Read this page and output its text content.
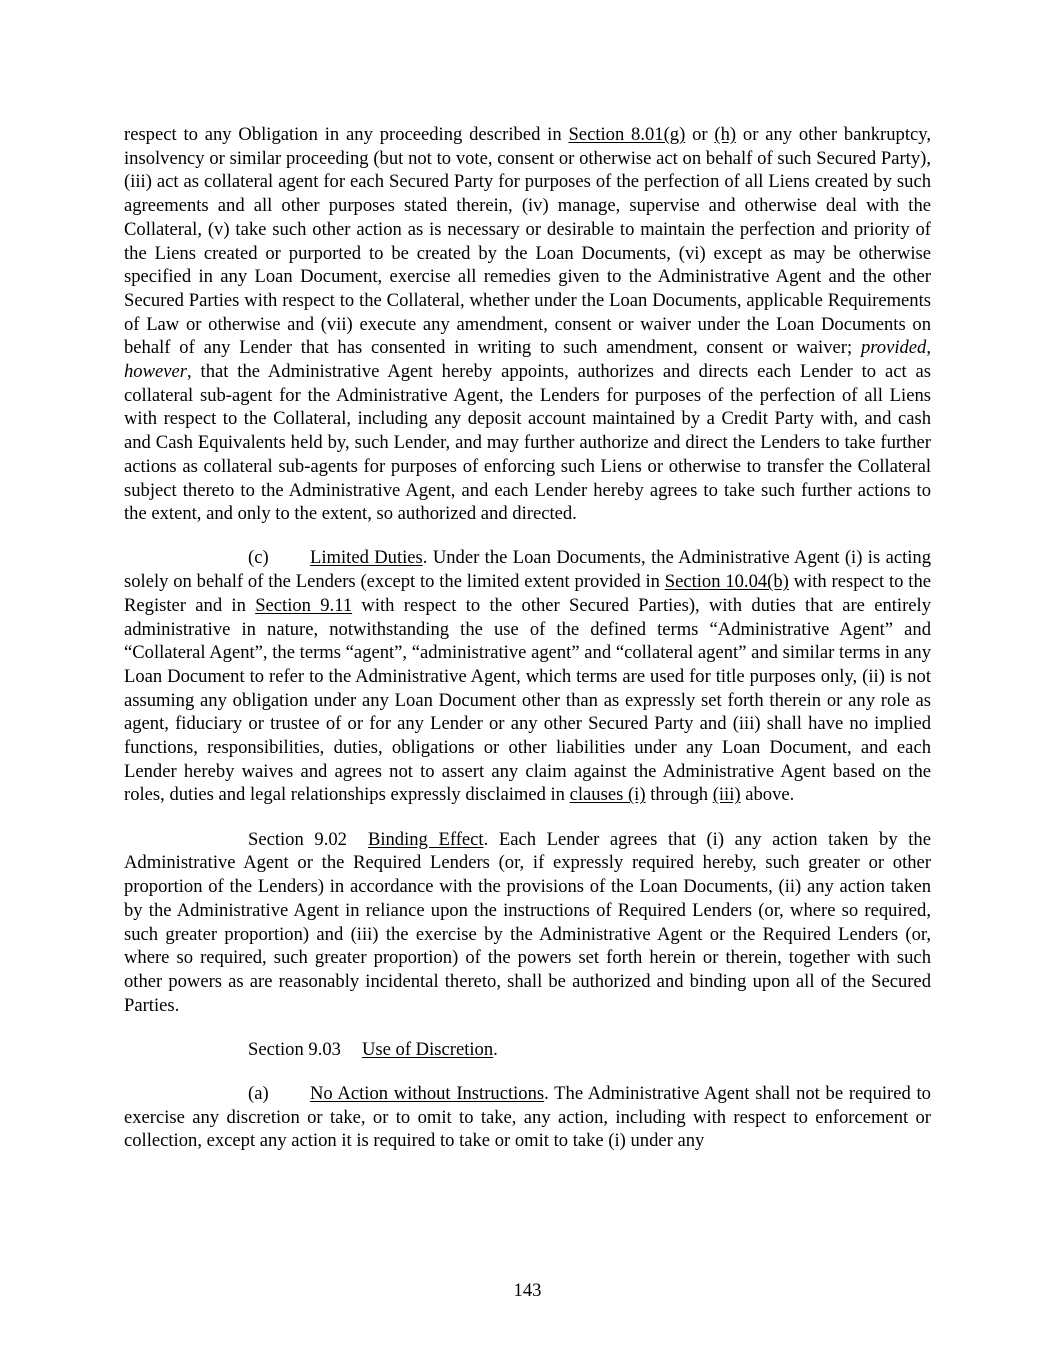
respect to any Obligation in any proceeding described in Section 8.01(g) or (h) or any other bankruptcy, insolvency or similar proceeding (but not to vote, consent or otherwise act on behalf of such Secured Party), (iii) act as collateral agent for each Secured Party for purposes of the perfection of all Liens created by such agreements and all other purposes stated therein, (iv) manage, supervise and otherwise deal with the Collateral, (v) take such other action as is necessary or desirable to maintain the perfection and priority of the Liens created or purported to be created by the Loan Documents, (vi) except as may be otherwise specified in any Loan Document, exercise all remedies given to the Administrative Agent and the other Secured Parties with respect to the Collateral, whether under the Loan Documents, applicable Requirements of Law or otherwise and (vii) execute any amendment, consent or waiver under the Loan Documents on behalf of any Lender that has consented in writing to such amendment, consent or waiver; provided, however, that the Administrative Agent hereby appoints, authorizes and directs each Lender to act as collateral sub-agent for the Administrative Agent, the Lenders for purposes of the perfection of all Liens with respect to the Collateral, including any deposit account maintained by a Credit Party with, and cash and Cash Equivalents held by, such Lender, and may further authorize and direct the Lenders to take further actions as collateral sub-agents for purposes of enforcing such Liens or otherwise to transfer the Collateral subject thereto to the Administrative Agent, and each Lender hereby agrees to take such further actions to the extent, and only to the extent, so authorized and directed.

(c) Limited Duties. Under the Loan Documents, the Administrative Agent (i) is acting solely on behalf of the Lenders (except to the limited extent provided in Section 10.04(b) with respect to the Register and in Section 9.11 with respect to the other Secured Parties), with duties that are entirely administrative in nature, notwithstanding the use of the defined terms “Administrative Agent” and “Collateral Agent”, the terms “agent”, “administrative agent” and “collateral agent” and similar terms in any Loan Document to refer to the Administrative Agent, which terms are used for title purposes only, (ii) is not assuming any obligation under any Loan Document other than as expressly set forth therein or any role as agent, fiduciary or trustee of or for any Lender or any other Secured Party and (iii) shall have no implied functions, responsibilities, duties, obligations or other liabilities under any Loan Document, and each Lender hereby waives and agrees not to assert any claim against the Administrative Agent based on the roles, duties and legal relationships expressly disclaimed in clauses (i) through (iii) above.

Section 9.02 Binding Effect. Each Lender agrees that (i) any action taken by the Administrative Agent or the Required Lenders (or, if expressly required hereby, such greater or other proportion of the Lenders) in accordance with the provisions of the Loan Documents, (ii) any action taken by the Administrative Agent in reliance upon the instructions of Required Lenders (or, where so required, such greater proportion) and (iii) the exercise by the Administrative Agent or the Required Lenders (or, where so required, such greater proportion) of the powers set forth herein or therein, together with such other powers as are reasonably incidental thereto, shall be authorized and binding upon all of the Secured Parties.

Section 9.03 Use of Discretion.

(a) No Action without Instructions. The Administrative Agent shall not be required to exercise any discretion or take, or to omit to take, any action, including with respect to enforcement or collection, except any action it is required to take or omit to take (i) under any

143
